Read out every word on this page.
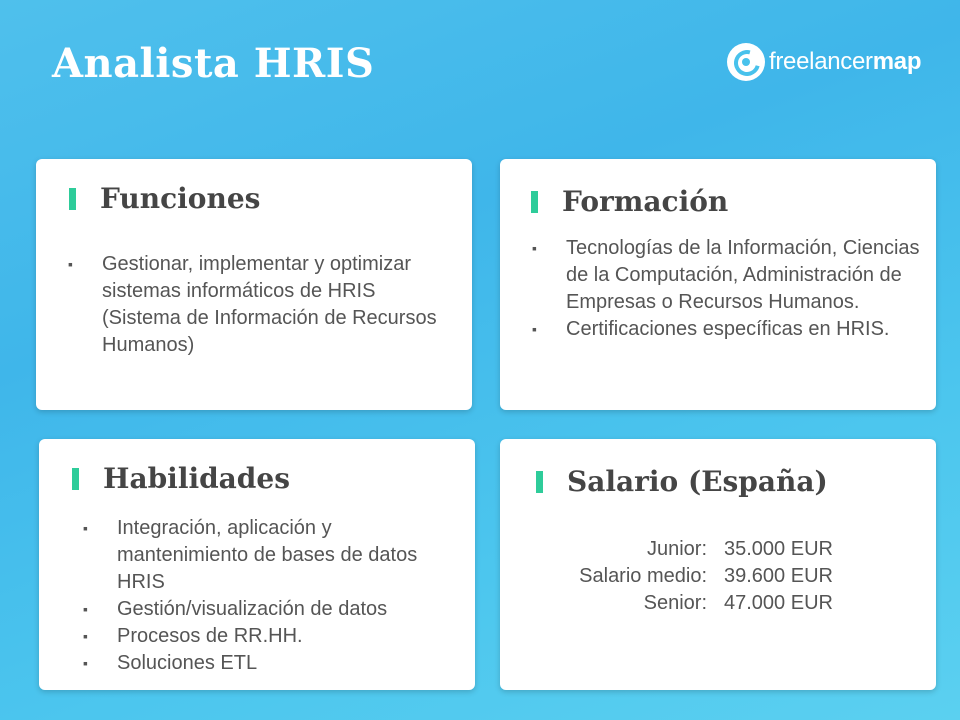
Analista HRIS	freelancermap
Funciones
▪ Gestionar, implementar y optimizar sistemas informáticos de HRIS (Sistema de Información de Recursos Humanos)
Formación
▪ Tecnologías de la Información, Ciencias de la Computación, Administración de Empresas o Recursos Humanos.
▪ Certificaciones específicas en HRIS.
Habilidades
▪ Integración, aplicación y mantenimiento de bases de datos HRIS
▪ Gestión/visualización de datos
▪ Procesos de RR.HH.
▪ Soluciones ETL
Salario (España)
Junior: 35.000 EUR
Salario medio: 39.600 EUR
Senior: 47.000 EUR
